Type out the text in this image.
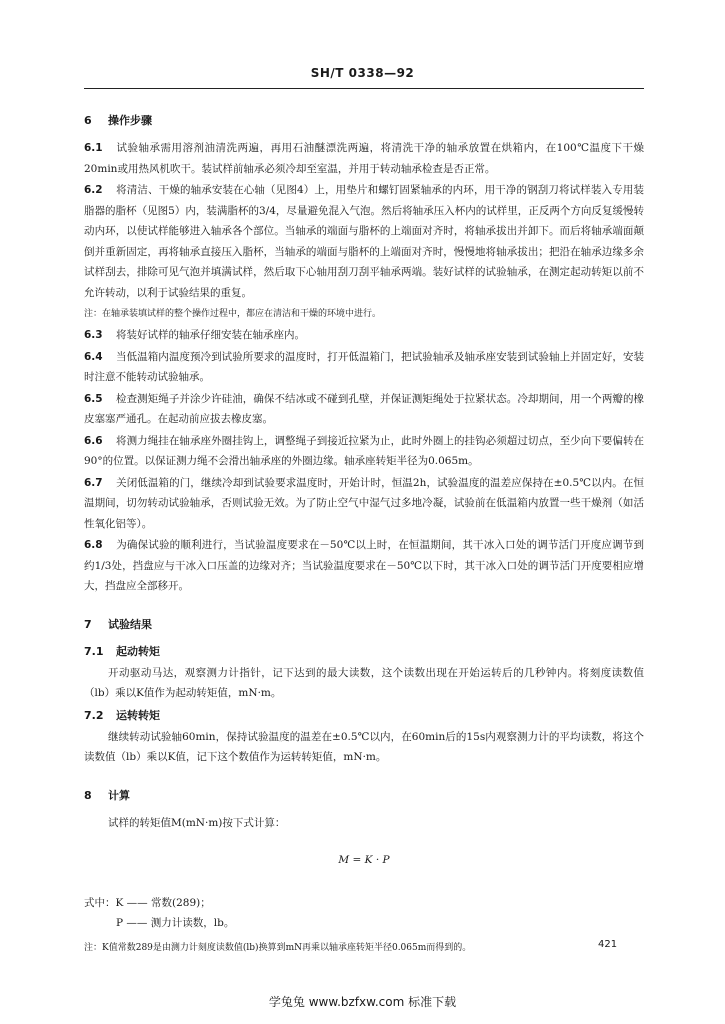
SH/T 0338—92
6 操作步骤
6.1 试验轴承需用溶剂油清洗两遍，再用石油醚漂洗两遍，将清洗干净的轴承放置在烘箱内，在100℃温度下干燥20min或用热风机吹干。装试样前轴承必须冷却至室温，并用于转动轴承检查是否正常。
6.2 将清洁、干燥的轴承安装在心轴（见图4）上，用垫片和螺钉固紧轴承的内环，用干净的钢刮刀将试样装入专用装脂器的脂杯（见图5）内，装满脂杯的3/4，尽量避免混入气泡。然后将轴承压入杯内的试样里，正反两个方向反复缓慢转动内环，以使试样能够进入轴承各个部位。当轴承的端面与脂杯的上端面对齐时，将轴承拔出并卸下。而后将轴承端面颠倒并重新固定，再将轴承直接压入脂杯，当轴承的端面与脂杯的上端面对齐时，慢慢地将轴承拔出；把沿在轴承边缘多余试样刮去，排除可见气泡并填满试样，然后取下心轴用刮刀刮平轴承两端。装好试样的试验轴承，在测定起动转矩以前不允许转动，以利于试验结果的重复。
注：在轴承装填试样的整个操作过程中，都应在清洁和干燥的环境中进行。
6.3 将装好试样的轴承仔细安装在轴承座内。
6.4 当低温箱内温度预冷到试验所要求的温度时，打开低温箱门，把试验轴承及轴承座安装到试验轴上并固定好，安装时注意不能转动试验轴承。
6.5 检查测矩绳子并涂少许硅油，确保不结冰或不碰到孔壁，并保证测矩绳处于拉紧状态。冷却期间，用一个两瓣的橡皮塞塞严通孔。在起动前应拔去橡皮塞。
6.6 将测力绳挂在轴承座外圈挂钩上，调整绳子到接近拉紧为止，此时外圈上的挂钩必须超过切点，至少向下要偏转在90°的位置。以保证测力绳不会滑出轴承座的外圈边缘。轴承座转矩半径为0.065m。
6.7 关闭低温箱的门，继续冷却到试验要求温度时，开始计时，恒温2h，试验温度的温差应保持在±0.5℃以内。在恒温期间，切勿转动试验轴承，否则试验无效。为了防止空气中湿气过多地冷凝，试验前在低温箱内放置一些干燥剂（如活性氧化铝等）。
6.8 为确保试验的顺利进行，当试验温度要求在－50℃以上时，在恒温期间，其干冰入口处的调节活门开度应调节到约1/3处，挡盘应与干冰入口压盖的边缘对齐；当试验温度要求在－50℃以下时，其干冰入口处的调节活门开度要相应增大，挡盘应全部移开。
7 试验结果
7.1 起动转矩
开动驱动马达，观察测力计指针，记下达到的最大读数，这个读数出现在开始运转后的几秒钟内。将刻度读数值（lb）乘以K值作为起动转矩值，mN·m。
7.2 运转转矩
继续转动试验轴60min，保持试验温度的温差在±0.5℃以内，在60min后的15s内观察测力计的平均读数，将这个读数值（lb）乘以K值，记下这个数值作为运转转矩值，mN·m。
8 计算
试样的转矩值M(mN·m)按下式计算：
M = K · P
式中：K —— 常数(289)；
P —— 测力计读数，lb。
注：K值常数289是由测力计刻度读数值(lb)换算到mN再乘以轴承座转矩半径0.065m而得到的。	421
学兔兔 www.bzfxw.com 标准下载
